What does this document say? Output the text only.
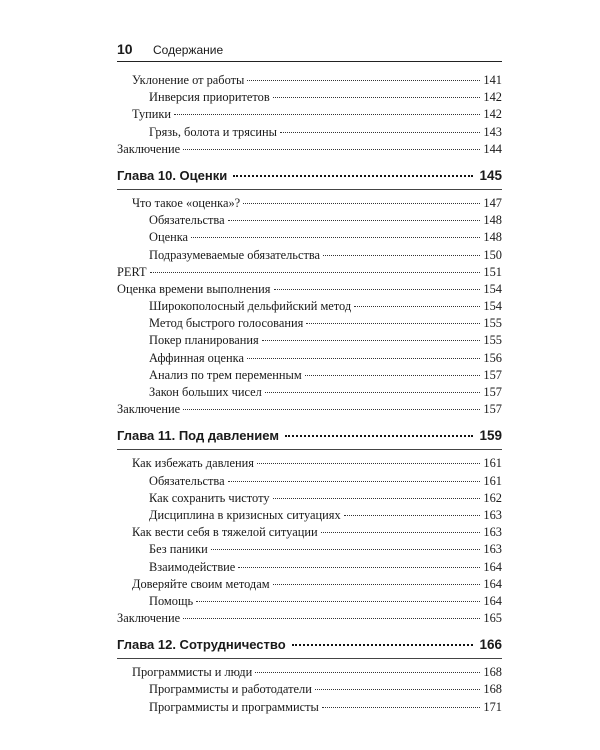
10	Содержание
Уклонение от работы	141
Инверсия приоритетов	142
Тупики	142
Грязь, болота и трясины	143
Заключение	144
Глава 10. Оценки	145
Что такое «оценка»?	147
Обязательства	148
Оценка	148
Подразумеваемые обязательства	150
PERT	151
Оценка времени выполнения	154
Широкополосный дельфийский метод	154
Метод быстрого голосования	155
Покер планирования	155
Аффинная оценка	156
Анализ по трем переменным	157
Закон больших чисел	157
Заключение	157
Глава 11. Под давлением	159
Как избежать давления	161
Обязательства	161
Как сохранить чистоту	162
Дисциплина в кризисных ситуациях	163
Как вести себя в тяжелой ситуации	163
Без паники	163
Взаимодействие	164
Доверяйте своим методам	164
Помощь	164
Заключение	165
Глава 12. Сотрудничество	166
Программисты и люди	168
Программисты и работодатели	168
Программисты и программисты	171
